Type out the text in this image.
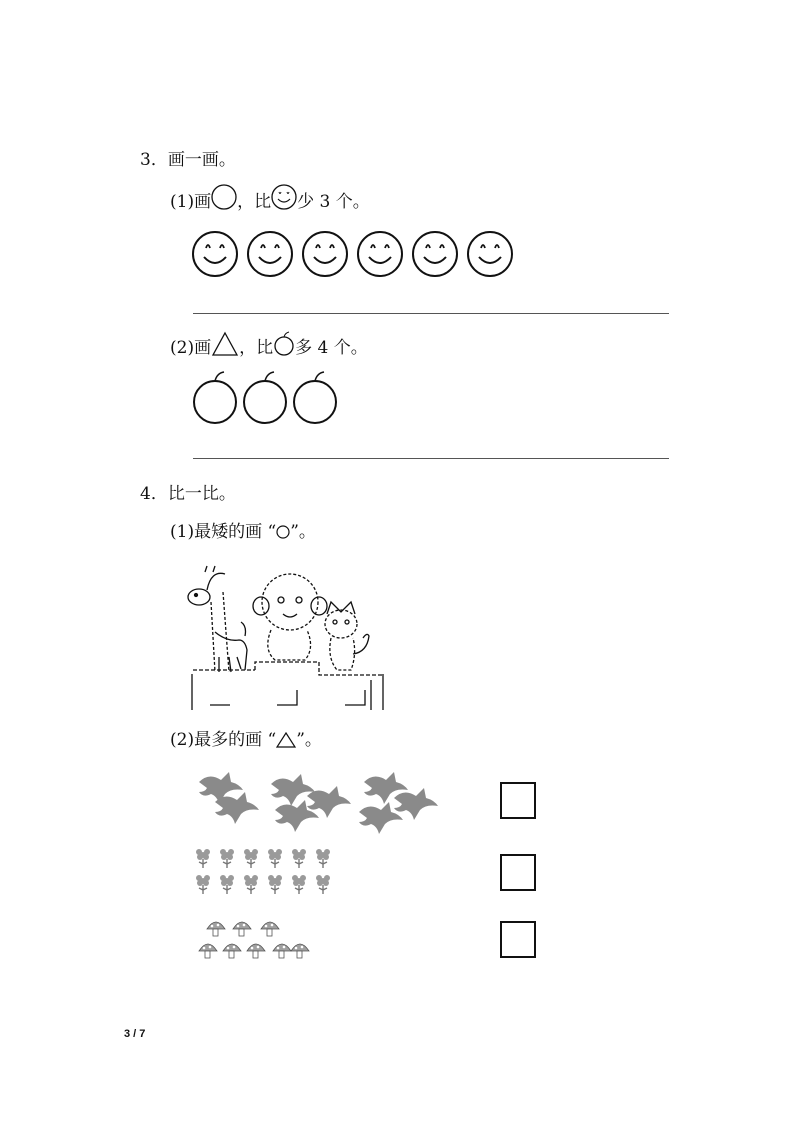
3．画一画。
(1)画 ，比 少 3 个。
(2)画 ，比 多 4 个。
4．比一比。
(1)最矮的画 “ ”。
(2)最多的画 “ ”。
3 / 7
